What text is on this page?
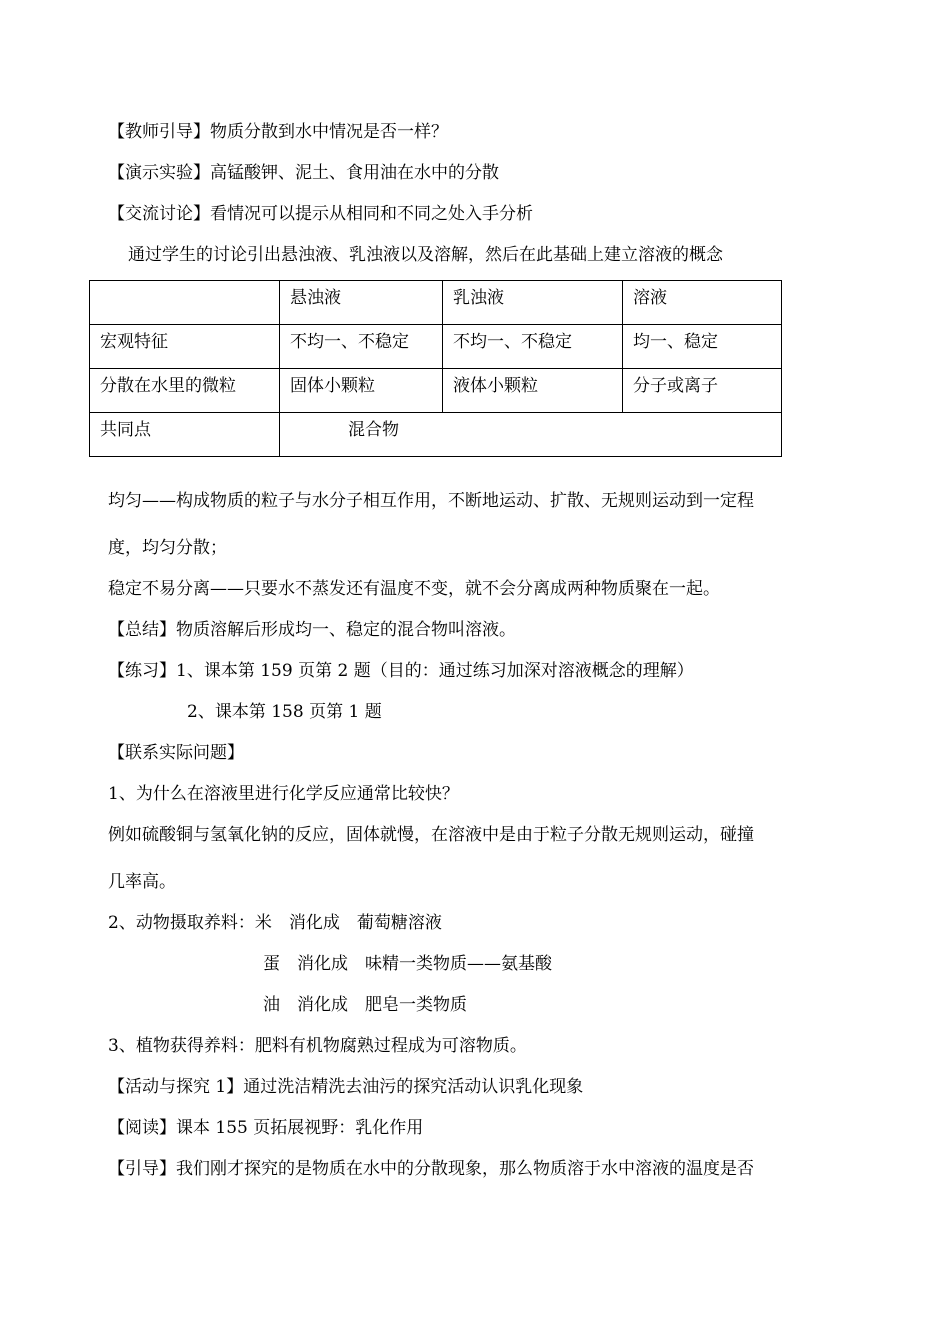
【教师引导】物质分散到水中情况是否一样？
【演示实验】高锰酸钾、泥土、食用油在水中的分散
【交流讨论】看情况可以提示从相同和不同之处入手分析
通过学生的讨论引出悬浊液、乳浊液以及溶解，然后在此基础上建立溶液的概念

	悬浊液	乳浊液	溶液

宏观特征	不均一、不稳定	不均一、不稳定	均一、稳定

分散在水里的微粒	固体小颗粒	液体小颗粒	分子或离子

共同点	混合物		
均匀——构成物质的粒子与水分子相互作用，不断地运动、扩散、无规则运动到一定程
度，均匀分散；
稳定不易分离——只要水不蒸发还有温度不变，就不会分离成两种物质聚在一起。
【总结】物质溶解后形成均一、稳定的混合物叫溶液。
【练习】1、课本第 159 页第 2 题（目的：通过练习加深对溶液概念的理解）
2、课本第 158 页第 1 题
【联系实际问题】
1、为什么在溶液里进行化学反应通常比较快？
例如硫酸铜与氢氧化钠的反应，固体就慢，在溶液中是由于粒子分散无规则运动，碰撞
几率高。
2、动物摄取养料：米　消化成　葡萄糖溶液
蛋　消化成　味精一类物质——氨基酸
油　消化成　肥皂一类物质
3、植物获得养料：肥料有机物腐熟过程成为可溶物质。
【活动与探究 1】通过洗洁精洗去油污的探究活动认识乳化现象
【阅读】课本 155 页拓展视野：乳化作用
【引导】我们刚才探究的是物质在水中的分散现象，那么物质溶于水中溶液的温度是否
